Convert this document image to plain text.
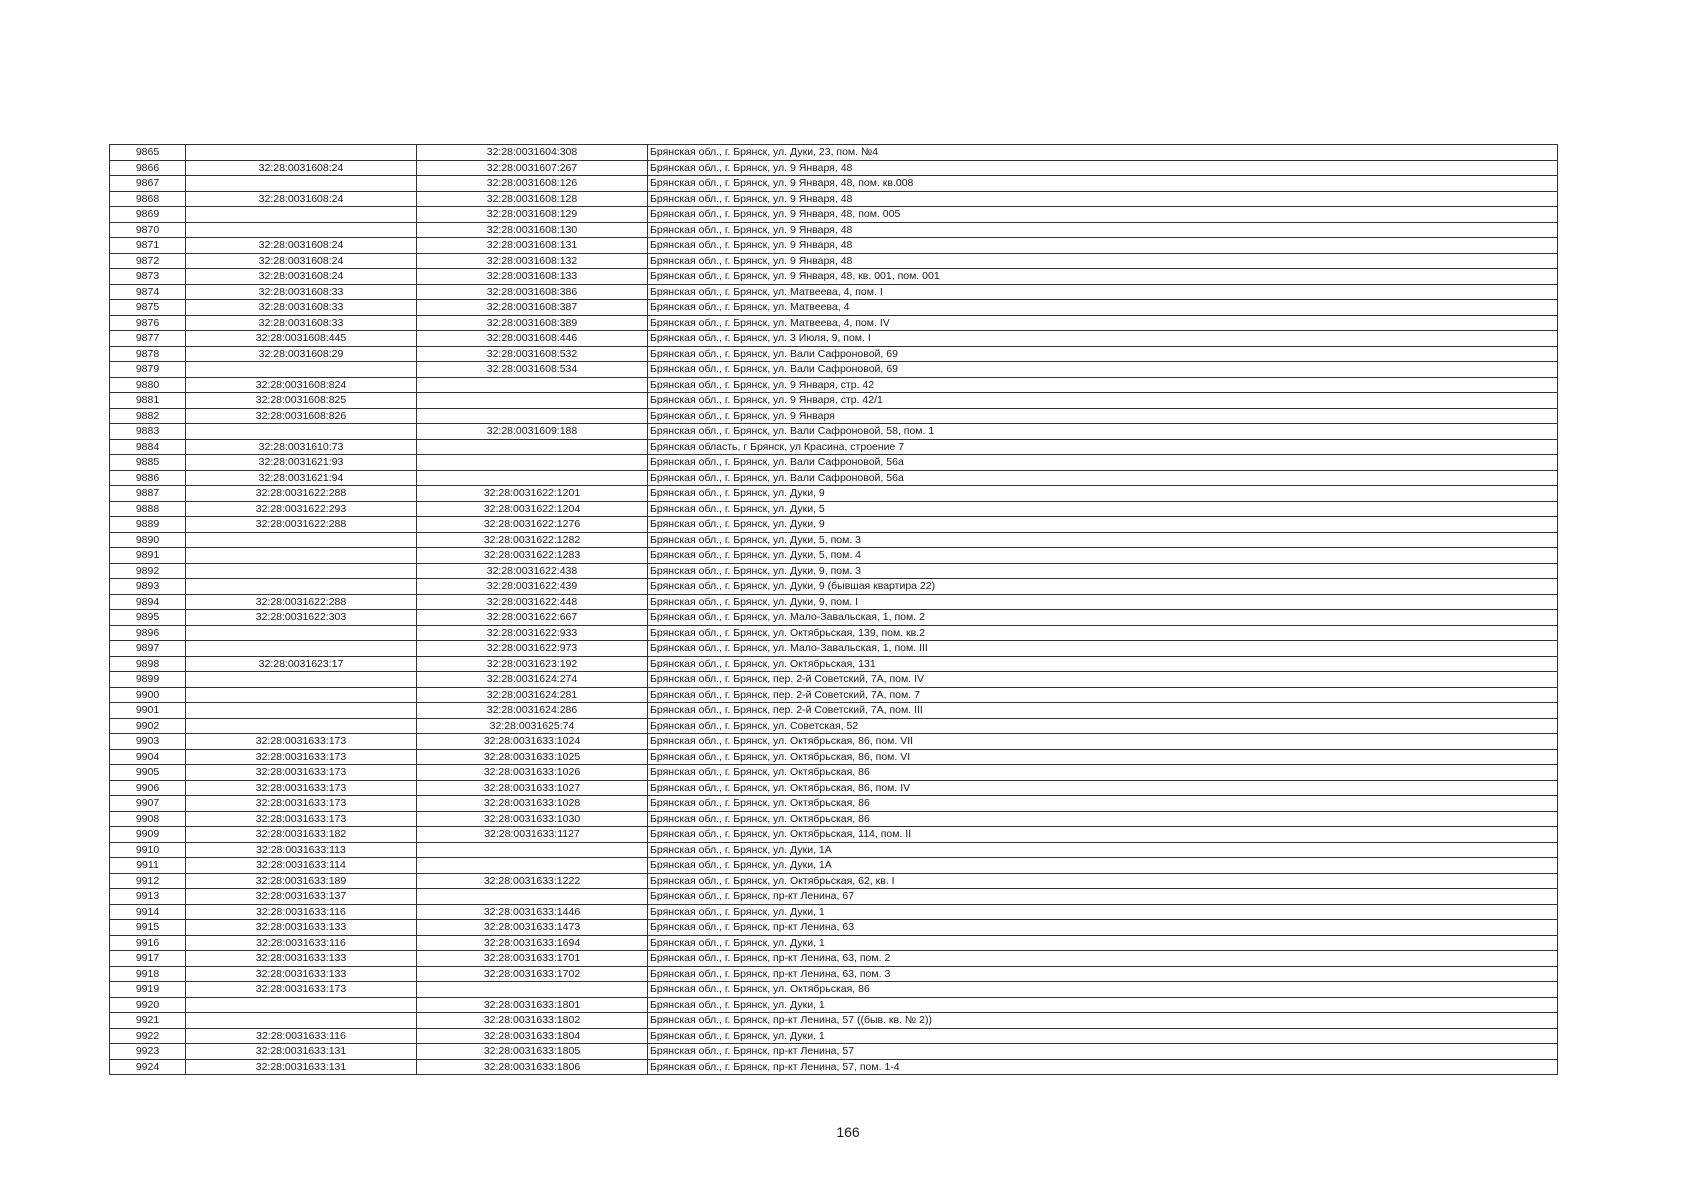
9865		32:28:0031604:308	Брянская обл., г. Брянск, ул. Дуки, 23, пом. №4
9866	32:28:0031608:24	32:28:0031607:267	Брянская обл., г. Брянск, ул. 9 Января, 48
9867		32:28:0031608:126	Брянская обл., г. Брянск, ул. 9 Января, 48, пом. кв.008
9868	32:28:0031608:24	32:28:0031608:128	Брянская обл., г. Брянск, ул. 9 Января, 48
9869		32:28:0031608:129	Брянская обл., г. Брянск, ул. 9 Января, 48, пом. 005
9870		32:28:0031608:130	Брянская обл., г. Брянск, ул. 9 Января, 48
9871	32:28:0031608:24	32:28:0031608:131	Брянская обл., г. Брянск, ул. 9 Января, 48
9872	32:28:0031608:24	32:28:0031608:132	Брянская обл., г. Брянск, ул. 9 Января, 48
9873	32:28:0031608:24	32:28:0031608:133	Брянская обл., г. Брянск, ул. 9 Января, 48, кв. 001, пом. 001
9874	32:28:0031608:33	32:28:0031608:386	Брянская обл., г. Брянск, ул. Матвеева, 4, пом. I
9875	32:28:0031608:33	32:28:0031608:387	Брянская обл., г. Брянск, ул. Матвеева, 4
9876	32:28:0031608:33	32:28:0031608:389	Брянская обл., г. Брянск, ул. Матвеева, 4, пом. IV
9877	32:28:0031608:445	32:28:0031608:446	Брянская обл., г. Брянск, ул. 3 Июля, 9, пом. I
9878	32:28:0031608:29	32:28:0031608:532	Брянская обл., г. Брянск, ул. Вали Сафроновой, 69
9879		32:28:0031608:534	Брянская обл., г. Брянск, ул. Вали Сафроновой, 69
9880	32:28:0031608:824		Брянская обл., г. Брянск, ул. 9 Января, стр. 42
9881	32:28:0031608:825		Брянская обл., г. Брянск, ул. 9 Января, стр. 42/1
9882	32:28:0031608:826		Брянская обл., г. Брянск, ул. 9 Января
9883		32:28:0031609:188	Брянская обл., г. Брянск, ул. Вали Сафроновой, 58, пом. 1
9884	32:28:0031610:73		Брянская область, г Брянск, ул Красина, строение 7
9885	32:28:0031621:93		Брянская обл., г. Брянск, ул. Вали Сафроновой, 56а
9886	32:28:0031621:94		Брянская обл., г. Брянск, ул. Вали Сафроновой, 56а
9887	32:28:0031622:288	32:28:0031622:1201	Брянская обл., г. Брянск, ул. Дуки, 9
9888	32:28:0031622:293	32:28:0031622:1204	Брянская обл., г. Брянск, ул. Дуки, 5
9889	32:28:0031622:288	32:28:0031622:1276	Брянская обл., г. Брянск, ул. Дуки, 9
9890		32:28:0031622:1282	Брянская обл., г. Брянск, ул. Дуки, 5, пом. 3
9891		32:28:0031622:1283	Брянская обл., г. Брянск, ул. Дуки, 5, пом. 4
9892		32:28:0031622:438	Брянская обл., г. Брянск, ул. Дуки, 9, пом. 3
9893		32:28:0031622:439	Брянская обл., г. Брянск, ул. Дуки, 9 (бывшая квартира 22)
9894	32:28:0031622:288	32:28:0031622:448	Брянская обл., г. Брянск, ул. Дуки, 9, пом. I
9895	32:28:0031622:303	32:28:0031622:667	Брянская обл., г. Брянск, ул. Мало-Завальская, 1, пом. 2
9896		32:28:0031622:933	Брянская обл., г. Брянск, ул. Октябрьская, 139, пом. кв.2
9897		32:28:0031622:973	Брянская обл., г. Брянск, ул. Мало-Завальская, 1, пом. III
9898	32:28:0031623:17	32:28:0031623:192	Брянская обл., г. Брянск, ул. Октябрьская, 131
9899		32:28:0031624:274	Брянская обл., г. Брянск, пер. 2-й Советский, 7А, пом. IV
9900		32:28:0031624:281	Брянская обл., г. Брянск, пер. 2-й Советский, 7А, пом. 7
9901		32:28:0031624:286	Брянская обл., г. Брянск, пер. 2-й Советский, 7А, пом. III
9902		32:28:0031625:74	Брянская обл., г. Брянск, ул. Советская, 52
9903	32:28:0031633:173	32:28:0031633:1024	Брянская обл., г. Брянск, ул. Октябрьская, 86, пом. VII
9904	32:28:0031633:173	32:28:0031633:1025	Брянская обл., г. Брянск, ул. Октябрьская, 86, пом. VI
9905	32:28:0031633:173	32:28:0031633:1026	Брянская обл., г. Брянск, ул. Октябрьская, 86
9906	32:28:0031633:173	32:28:0031633:1027	Брянская обл., г. Брянск, ул. Октябрьская, 86, пом. IV
9907	32:28:0031633:173	32:28:0031633:1028	Брянская обл., г. Брянск, ул. Октябрьская, 86
9908	32:28:0031633:173	32:28:0031633:1030	Брянская обл., г. Брянск, ул. Октябрьская, 86
9909	32:28:0031633:182	32:28:0031633:1127	Брянская обл., г. Брянск, ул. Октябрьская, 114, пом. II
9910	32:28:0031633:113		Брянская обл., г. Брянск, ул. Дуки, 1А
9911	32:28:0031633:114		Брянская обл., г. Брянск, ул. Дуки, 1А
9912	32:28:0031633:189	32:28:0031633:1222	Брянская обл., г. Брянск, ул. Октябрьская, 62, кв. I
9913	32:28:0031633:137		Брянская обл., г. Брянск, пр-кт Ленина, 67
9914	32:28:0031633:116	32:28:0031633:1446	Брянская обл., г. Брянск, ул. Дуки, 1
9915	32:28:0031633:133	32:28:0031633:1473	Брянская обл., г. Брянск, пр-кт Ленина, 63
9916	32:28:0031633:116	32:28:0031633:1694	Брянская обл., г. Брянск, ул. Дуки, 1
9917	32:28:0031633:133	32:28:0031633:1701	Брянская обл., г. Брянск, пр-кт Ленина, 63, пом. 2
9918	32:28:0031633:133	32:28:0031633:1702	Брянская обл., г. Брянск, пр-кт Ленина, 63, пом. 3
9919	32:28:0031633:173		Брянская обл., г. Брянск, ул. Октябрьская, 86
9920		32:28:0031633:1801	Брянская обл., г. Брянск, ул. Дуки, 1
9921		32:28:0031633:1802	Брянская обл., г. Брянск, пр-кт Ленина, 57 ((быв. кв. № 2))
9922	32:28:0031633:116	32:28:0031633:1804	Брянская обл., г. Брянск, ул. Дуки, 1
9923	32:28:0031633:131	32:28:0031633:1805	Брянская обл., г. Брянск, пр-кт Ленина, 57
9924	32:28:0031633:131	32:28:0031633:1806	Брянская обл., г. Брянск, пр-кт Ленина, 57, пом. 1-4
166
